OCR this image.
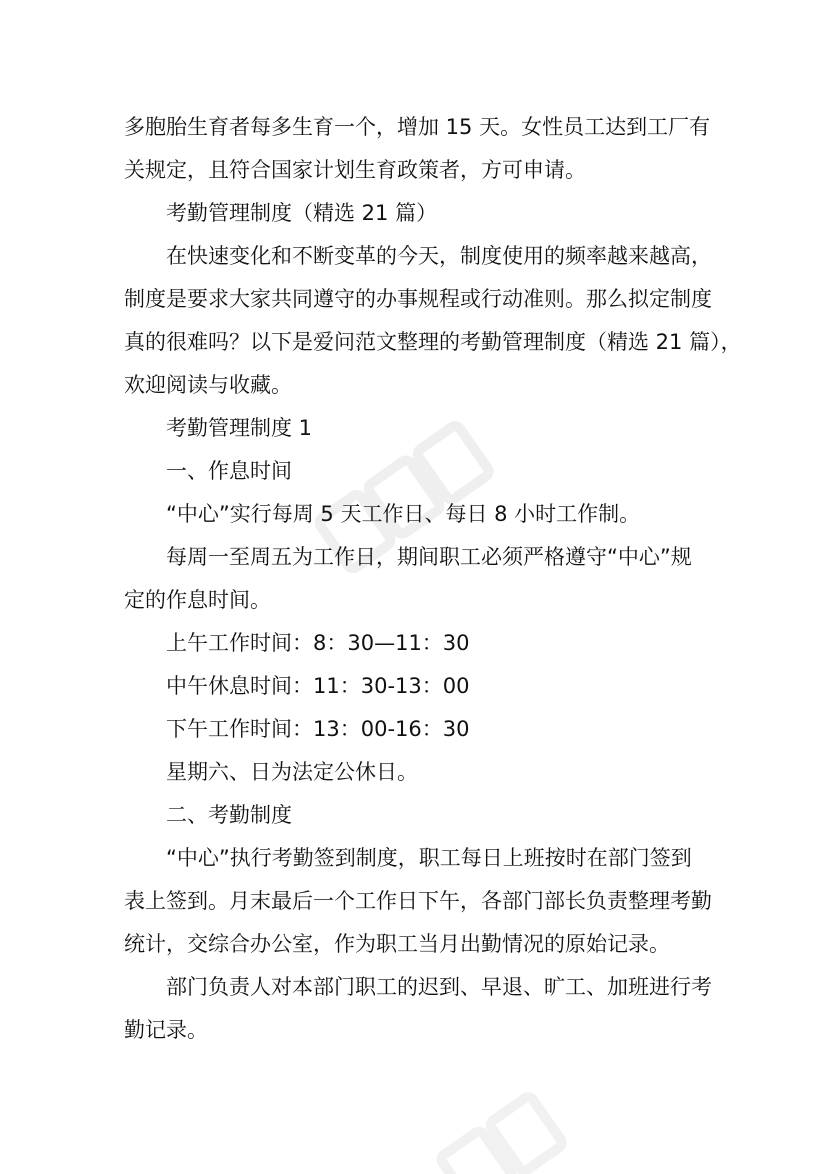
多胞胎生育者每多生育一个，增加 15 天。女性员工达到工厂有

关规定，且符合国家计划生育政策者，方可申请。

考勤管理制度（精选 21 篇）

在快速变化和不断变革的今天，制度使用的频率越来越高，

制度是要求大家共同遵守的办事规程或行动准则。那么拟定制度

真的很难吗？以下是爱问范文整理的考勤管理制度（精选 21 篇），

欢迎阅读与收藏。

考勤管理制度 1

一、作息时间

“中心”实行每周 5 天工作日、每日 8 小时工作制。

每周一至周五为工作日，期间职工必须严格遵守“中心”规

定的作息时间。

上午工作时间：8：30—11：30

中午休息时间：11：30-13：00

下午工作时间：13：00-16：30

星期六、日为法定公休日。

二、考勤制度

“中心”执行考勤签到制度，职工每日上班按时在部门签到

表上签到。月末最后一个工作日下午，各部门部长负责整理考勤

统计，交综合办公室，作为职工当月出勤情况的原始记录。

部门负责人对本部门职工的迟到、早退、旷工、加班进行考

勤记录。
